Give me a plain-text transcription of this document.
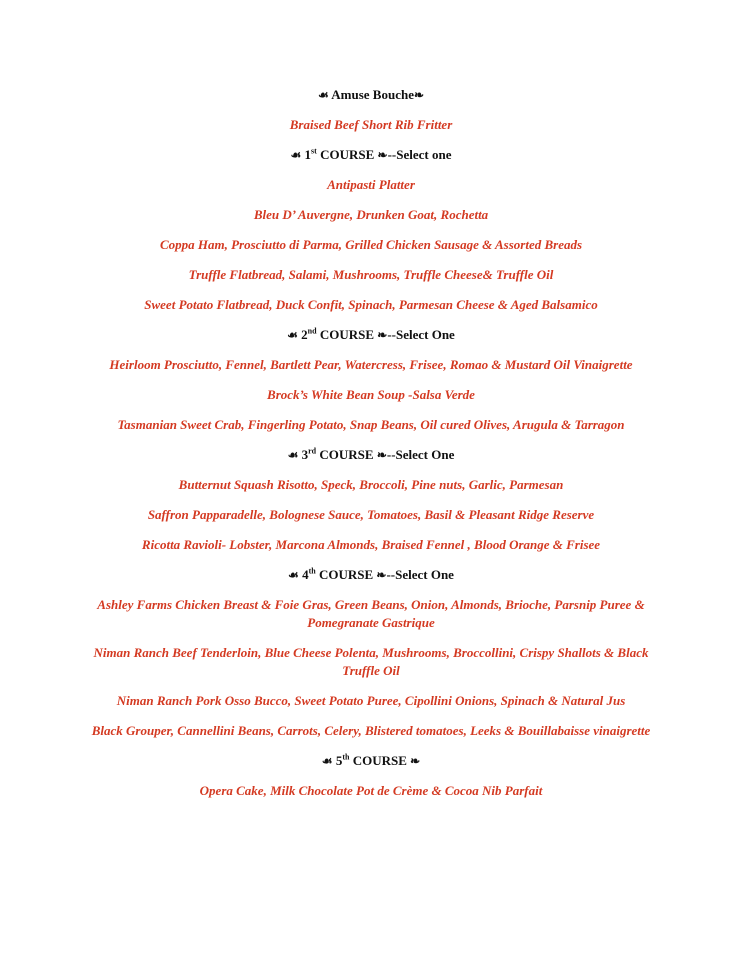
☙ Amuse Bouche❧

Braised Beef Short Rib Fritter

☙ 1st COURSE ❧--Select one

Antipasti Platter

Bleu D’ Auvergne, Drunken Goat, Rochetta

Coppa Ham, Prosciutto di Parma, Grilled Chicken Sausage & Assorted Breads

Truffle Flatbread, Salami, Mushrooms, Truffle Cheese& Truffle Oil

Sweet Potato Flatbread, Duck Confit, Spinach, Parmesan Cheese & Aged Balsamico

☙ 2nd COURSE ❧--Select One

Heirloom Prosciutto, Fennel, Bartlett Pear, Watercress, Frisee, Romao & Mustard Oil Vinaigrette

Brock’s White Bean Soup -Salsa Verde

Tasmanian Sweet Crab, Fingerling Potato, Snap Beans, Oil cured Olives, Arugula & Tarragon

☙ 3rd COURSE ❧--Select One

Butternut Squash Risotto, Speck, Broccoli, Pine nuts, Garlic, Parmesan

Saffron Papparadelle, Bolognese Sauce, Tomatoes, Basil & Pleasant Ridge Reserve

Ricotta Ravioli- Lobster, Marcona Almonds, Braised Fennel , Blood Orange & Frisee

☙ 4th COURSE ❧--Select One

Ashley Farms Chicken Breast & Foie Gras, Green Beans, Onion, Almonds, Brioche, Parsnip Puree & Pomegranate Gastrique

Niman Ranch Beef Tenderloin, Blue Cheese Polenta, Mushrooms, Broccollini, Crispy Shallots & Black Truffle Oil

Niman Ranch Pork Osso Bucco, Sweet Potato Puree, Cipollini Onions, Spinach & Natural Jus

Black Grouper, Cannellini Beans, Carrots, Celery, Blistered tomatoes, Leeks & Bouillabaisse vinaigrette

☙ 5th COURSE ❧

Opera Cake, Milk Chocolate Pot de Crème & Cocoa Nib Parfait
